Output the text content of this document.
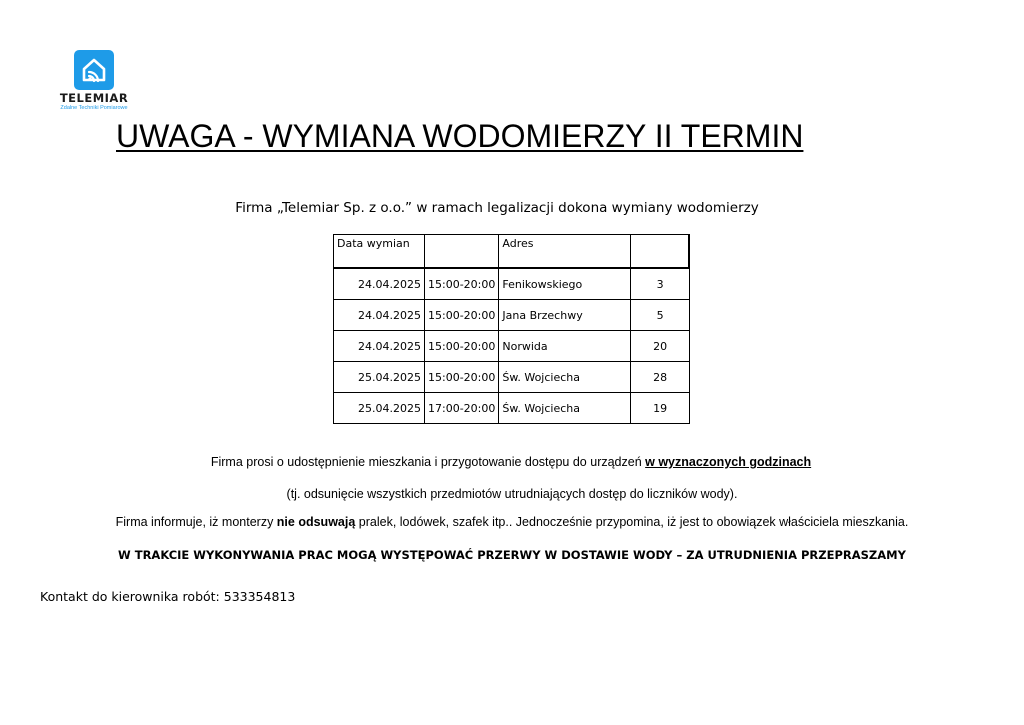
TELEMIAR
Zdalne Techniki Pomiarowe
UWAGA - WYMIANA WODOMIERZY II TERMIN
Firma „Telemiar Sp. z o.o.” w ramach legalizacji dokona wymiany wodomierzy
Data wymian		Adres	
24.04.2025	15:00-20:00	Fenikowskiego	3
24.04.2025	15:00-20:00	Jana Brzechwy	5
24.04.2025	15:00-20:00	Norwida	20
25.04.2025	15:00-20:00	Św. Wojciecha	28
25.04.2025	17:00-20:00	Św. Wojciecha	19
Firma prosi o udostępnienie mieszkania i przygotowanie dostępu do urządzeń w wyznaczonych godzinach
(tj. odsunięcie wszystkich przedmiotów utrudniających dostęp do liczników wody).
Firma informuje, iż monterzy nie odsuwają pralek, lodówek, szafek itp.. Jednocześnie przypomina, iż jest to obowiązek właściciela mieszkania.
W TRAKCIE WYKONYWANIA PRAC MOGĄ WYSTĘPOWAĆ PRZERWY W DOSTAWIE WODY – ZA UTRUDNIENIA PRZEPRASZAMY
Kontakt do kierownika robót: 533354813
